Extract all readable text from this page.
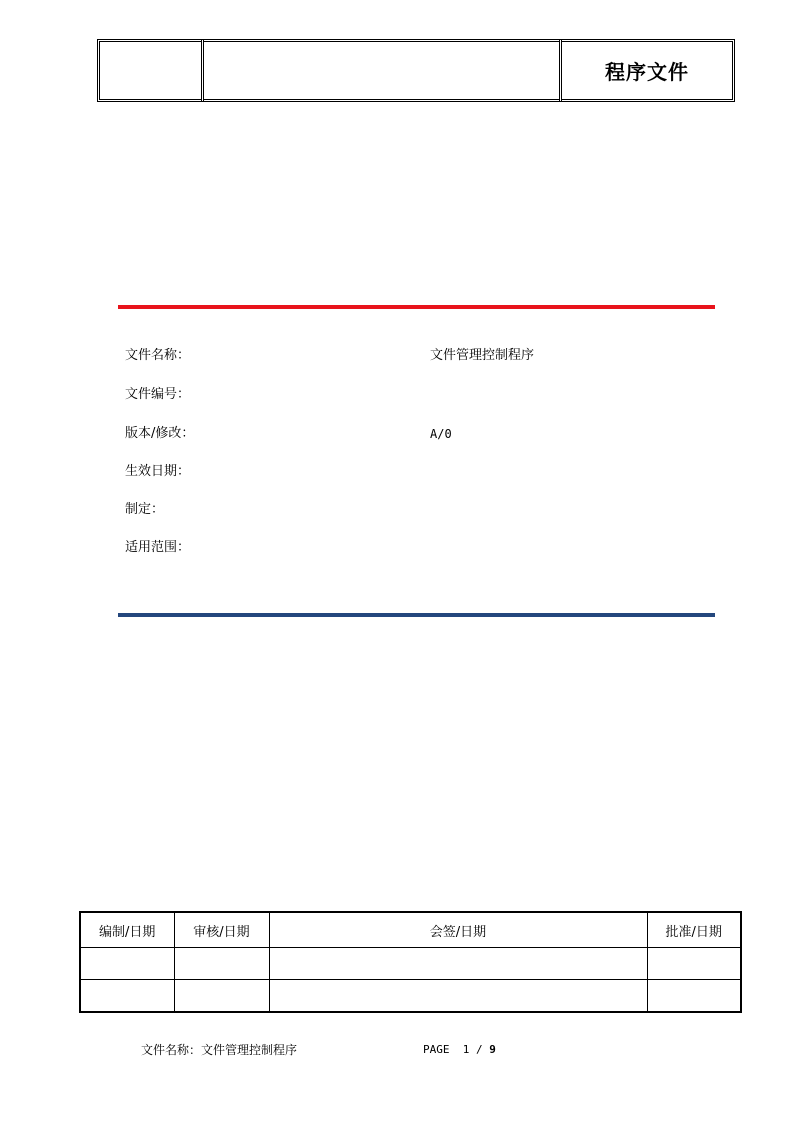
程序文件
文件名称：	文件管理控制程序
文件编号：
版本/修改：	A/0
生效日期：
制定：
适用范围：
编制/日期	审核/日期	会签/日期	批准/日期

文件名称：文件管理控制程序	PAGE 1 / 9
